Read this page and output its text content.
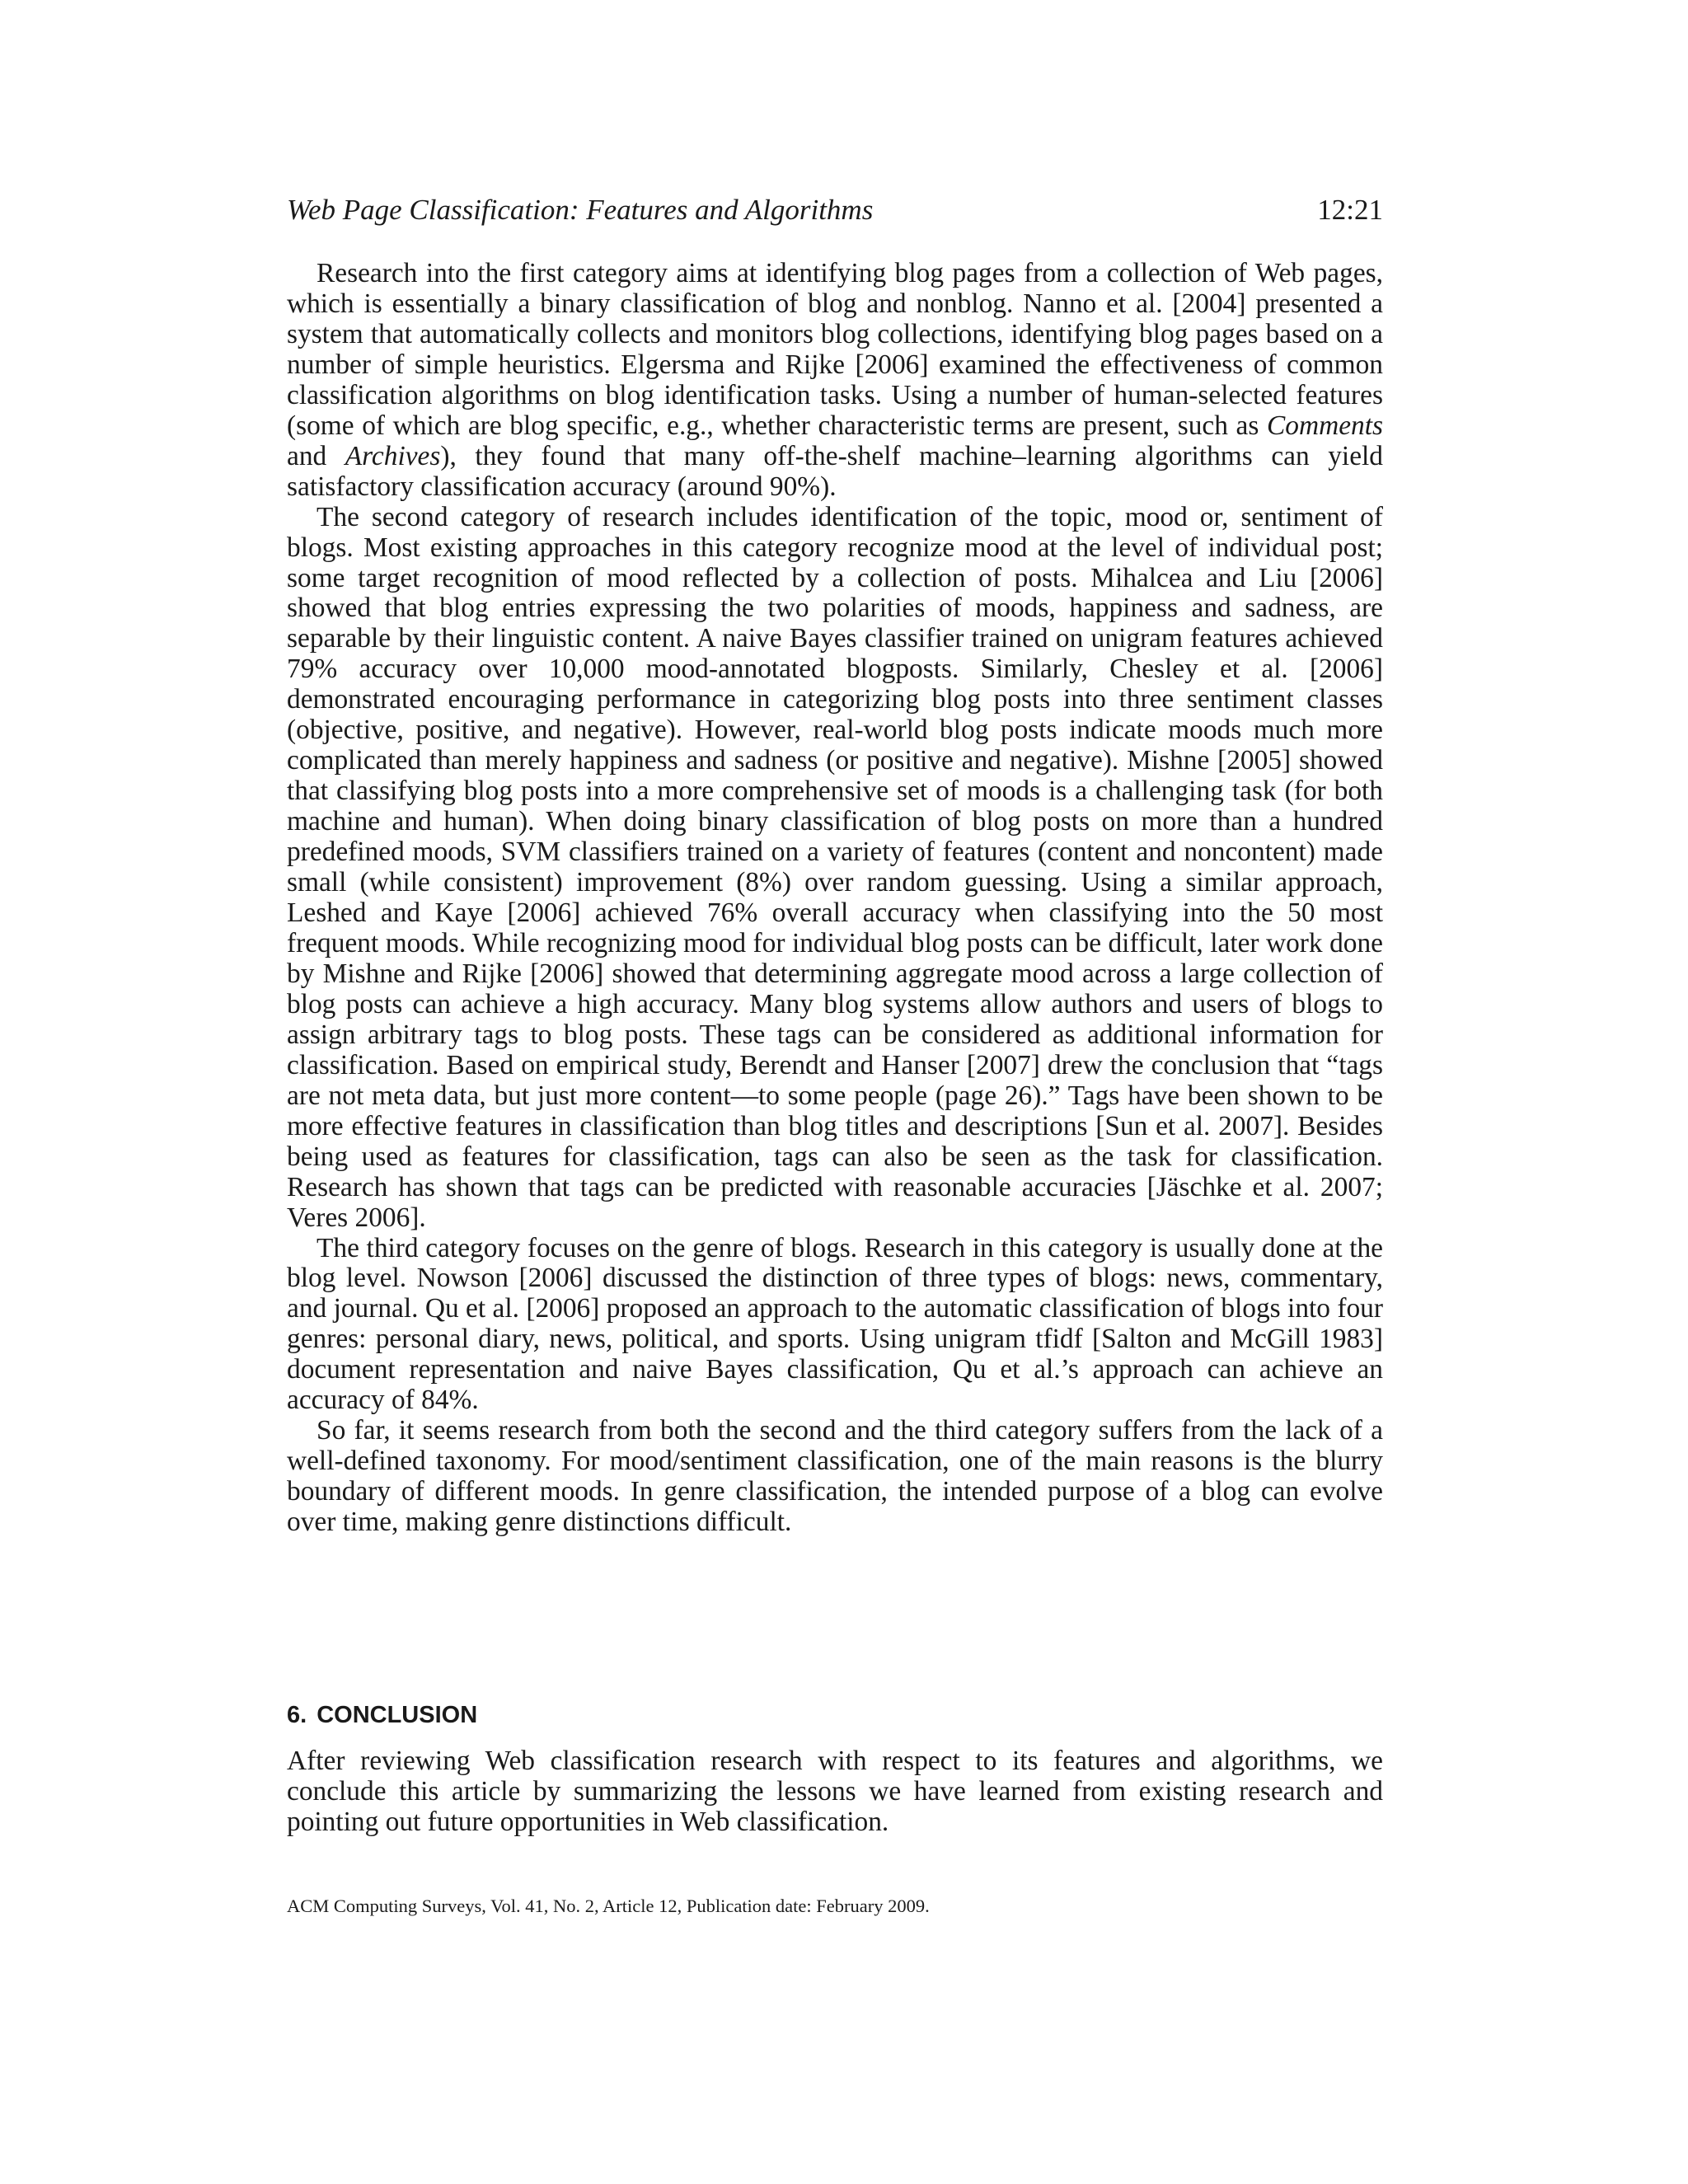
Web Page Classification: Features and Algorithms	12:21

Research into the first category aims at identifying blog pages from a collection of Web pages, which is essentially a binary classification of blog and nonblog. Nanno et al. [2004] presented a system that automatically collects and monitors blog collections, identifying blog pages based on a number of simple heuristics. Elgersma and Rijke [2006] examined the effectiveness of common classification algorithms on blog identification tasks. Using a number of human-selected features (some of which are blog specific, e.g., whether characteristic terms are present, such as Comments and Archives), they found that many off-the-shelf machine–learning algorithms can yield satisfactory classification accuracy (around 90%).

The second category of research includes identification of the topic, mood or, sentiment of blogs. Most existing approaches in this category recognize mood at the level of individual post; some target recognition of mood reflected by a collection of posts. Mihalcea and Liu [2006] showed that blog entries expressing the two polarities of moods, happiness and sadness, are separable by their linguistic content. A naive Bayes classifier trained on unigram features achieved 79% accuracy over 10,000 mood-annotated blogposts. Similarly, Chesley et al. [2006] demonstrated encouraging performance in categorizing blog posts into three sentiment classes (objective, positive, and negative). However, real-world blog posts indicate moods much more complicated than merely happiness and sadness (or positive and negative). Mishne [2005] showed that classifying blog posts into a more comprehensive set of moods is a challenging task (for both machine and human). When doing binary classification of blog posts on more than a hundred predefined moods, SVM classifiers trained on a variety of features (content and noncontent) made small (while consistent) improvement (8%) over random guessing. Using a similar approach, Leshed and Kaye [2006] achieved 76% overall accuracy when classifying into the 50 most frequent moods. While recognizing mood for individual blog posts can be difficult, later work done by Mishne and Rijke [2006] showed that determining aggregate mood across a large collection of blog posts can achieve a high accuracy. Many blog systems allow authors and users of blogs to assign arbitrary tags to blog posts. These tags can be considered as additional information for classification. Based on empirical study, Berendt and Hanser [2007] drew the conclusion that “tags are not meta data, but just more content—to some people (page 26).” Tags have been shown to be more effective features in classification than blog titles and descriptions [Sun et al. 2007]. Besides being used as features for classification, tags can also be seen as the task for classification. Research has shown that tags can be predicted with reasonable accuracies [Jäschke et al. 2007; Veres 2006].

The third category focuses on the genre of blogs. Research in this category is usually done at the blog level. Nowson [2006] discussed the distinction of three types of blogs: news, commentary, and journal. Qu et al. [2006] proposed an approach to the automatic classification of blogs into four genres: personal diary, news, political, and sports. Using unigram tfidf [Salton and McGill 1983] document representation and naive Bayes classification, Qu et al.’s approach can achieve an accuracy of 84%.

So far, it seems research from both the second and the third category suffers from the lack of a well-defined taxonomy. For mood/sentiment classification, one of the main reasons is the blurry boundary of different moods. In genre classification, the intended purpose of a blog can evolve over time, making genre distinctions difficult.

6. CONCLUSION

After reviewing Web classification research with respect to its features and algorithms, we conclude this article by summarizing the lessons we have learned from existing research and pointing out future opportunities in Web classification.

ACM Computing Surveys, Vol. 41, No. 2, Article 12, Publication date: February 2009.
